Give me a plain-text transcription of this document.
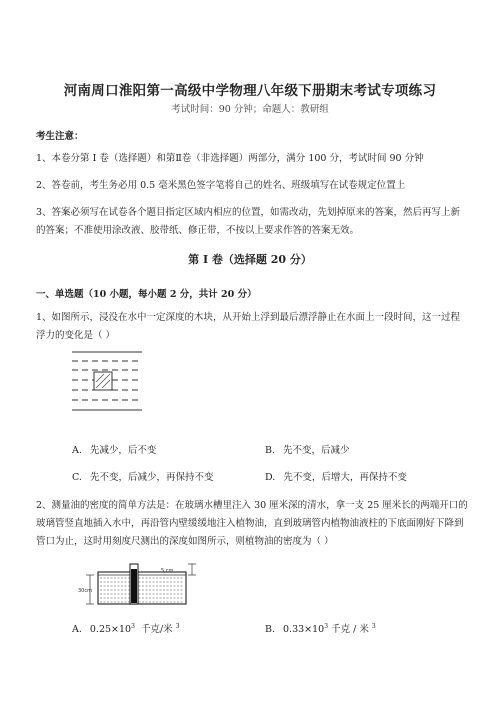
河南周口淮阳第一高级中学物理八年级下册期末考试专项练习
考试时间：90 分钟；命题人：教研组
考生注意：
1、本卷分第 I 卷（选择题）和第Ⅱ卷（非选择题）两部分，满分 100 分，考试时间 90 分钟
2、答卷前，考生务必用 0.5 毫米黑色签字笔将自己的姓名、班级填写在试卷规定位置上
3、答案必须写在试卷各个题目指定区域内相应的位置，如需改动，先划掉原来的答案，然后再写上新的答案；不准使用涂改液、胶带纸、修正带，不按以上要求作答的答案无效。
第 I 卷（选择题 20 分）
一、单选题（10 小题，每小题 2 分，共计 20 分）
1、如图所示，浸没在水中一定深度的木块，从开始上浮到最后漂浮静止在水面上一段时间，这一过程浮力的变化是（ ）
A. 先减少，后不变	B. 先不变，后减少
C. 先不变，后减少，再保持不变	D. 先不变，后增大，再保持不变
2、测量油的密度的简单方法是：在玻璃水槽里注入 30 厘米深的清水，拿一支 25 厘米长的两端开口的玻璃管竖直地插入水中，再沿管内壁缓缓地注入植物油，直到玻璃管内植物油液柱的下底面刚好下降到管口为止，这时用刻度尺测出的深度如图所示，则植物油的密度为（ ）
30cm
5 cm
A. $0.25\times 10^3$ 千克/米 $^3$	B. $0.33\times 10^3$ 千克 / 米 $^3$
